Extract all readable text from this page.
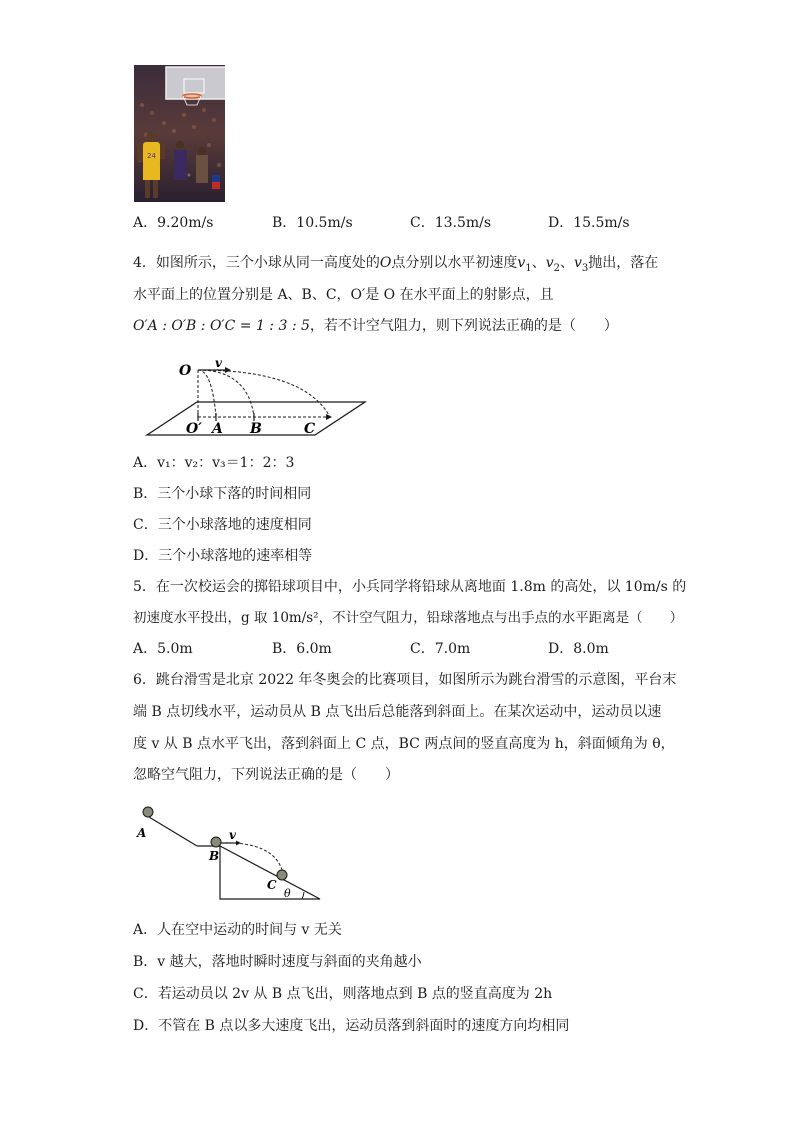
24
A．9.20m/s	B．10.5m/s	C．13.5m/s	D．15.5m/s
4．如图所示，三个小球从同一高度处的O点分别以水平初速度$v_1$、$v_2$、$v_3$抛出，落在
水平面上的位置分别是 A、B、C，O′是 O 在水平面上的射影点，且
O′A : O′B : O′C = 1 : 3 : 5，若不计空气阻力，则下列说法正确的是（　　）
O v
O′ A B	C
A．v₁：v₂：v₃＝1：2：3
B．三个小球下落的时间相同
C．三个小球落地的速度相同
D．三个小球落地的速率相等
5．在一次校运会的掷铅球项目中，小兵同学将铅球从离地面 1.8m 的高处，以 10m/s 的
初速度水平投出，g 取 10m/s²，不计空气阻力，铅球落地点与出手点的水平距离是（　　）
A．5.0m	B．6.0m	C．7.0m	D．8.0m
6．跳台滑雪是北京 2022 年冬奥会的比赛项目，如图所示为跳台滑雪的示意图，平台末
端 B 点切线水平，运动员从 B 点飞出后总能落到斜面上。在某次运动中，运动员以速
度 v 从 B 点水平飞出，落到斜面上 C 点，BC 两点间的竖直高度为 h，斜面倾角为 θ，
忽略空气阻力，下列说法正确的是（　　）
A
B
C
v
θ
A．人在空中运动的时间与 v 无关
B．v 越大，落地时瞬时速度与斜面的夹角越小
C．若运动员以 2v 从 B 点飞出，则落地点到 B 点的竖直高度为 2h
D．不管在 B 点以多大速度飞出，运动员落到斜面时的速度方向均相同
